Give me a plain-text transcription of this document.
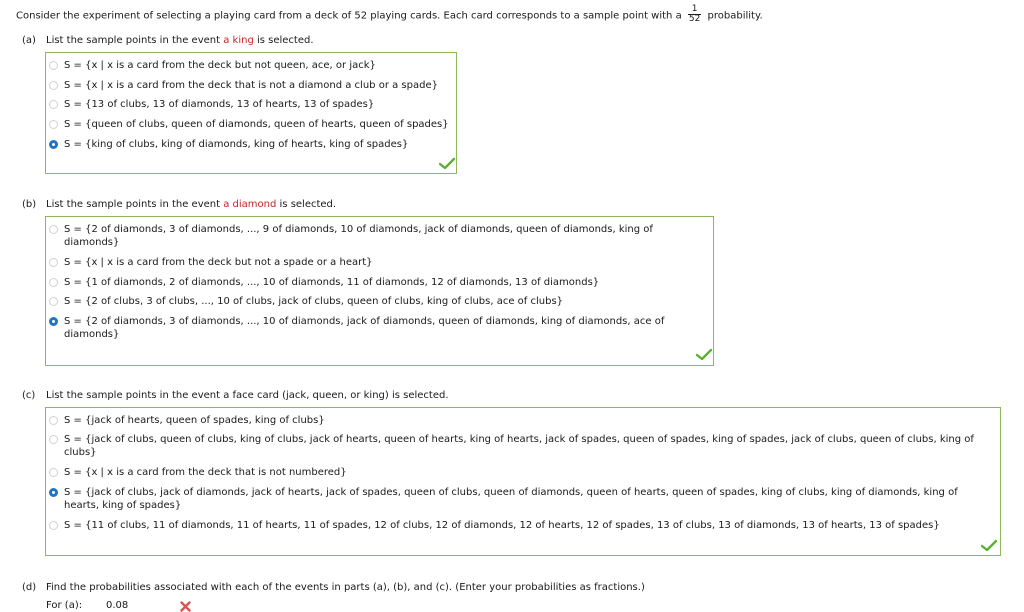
Consider the experiment of selecting a playing card from a deck of 52 playing cards. Each card corresponds to a sample point with a $\frac{1}{52}$ probability.
(a) List the sample points in the event a king is selected.
S = {x | x is a card from the deck but not queen, ace, or jack}
S = {x | x is a card from the deck that is not a diamond a club or a spade}
S = {13 of clubs, 13 of diamonds, 13 of hearts, 13 of spades}
S = {queen of clubs, queen of diamonds, queen of hearts, queen of spades}
S = {king of clubs, king of diamonds, king of hearts, king of spades}
(b) List the sample points in the event a diamond is selected.
S = {2 of diamonds, 3 of diamonds, ..., 9 of diamonds, 10 of diamonds, jack of diamonds, queen of diamonds, king of diamonds}
S = {x | x is a card from the deck but not a spade or a heart}
S = {1 of diamonds, 2 of diamonds, ..., 10 of diamonds, 11 of diamonds, 12 of diamonds, 13 of diamonds}
S = {2 of clubs, 3 of clubs, ..., 10 of clubs, jack of clubs, queen of clubs, king of clubs, ace of clubs}
S = {2 of diamonds, 3 of diamonds, ..., 10 of diamonds, jack of diamonds, queen of diamonds, king of diamonds, ace of diamonds}
(c) List the sample points in the event a face card (jack, queen, or king) is selected.
S = {jack of hearts, queen of spades, king of clubs}
S = {jack of clubs, queen of clubs, king of clubs, jack of hearts, queen of hearts, king of hearts, jack of spades, queen of spades, king of spades, jack of clubs, queen of clubs, king of clubs}
S = {x | x is a card from the deck that is not numbered}
S = {jack of clubs, jack of diamonds, jack of hearts, jack of spades, queen of clubs, queen of diamonds, queen of hearts, queen of spades, king of clubs, king of diamonds, king of hearts, king of spades}
S = {11 of clubs, 11 of diamonds, 11 of hearts, 11 of spades, 12 of clubs, 12 of diamonds, 12 of hearts, 12 of spades, 13 of clubs, 13 of diamonds, 13 of hearts, 13 of spades}
(d) Find the probabilities associated with each of the events in parts (a), (b), and (c). (Enter your probabilities as fractions.)
For (a): 0.08
